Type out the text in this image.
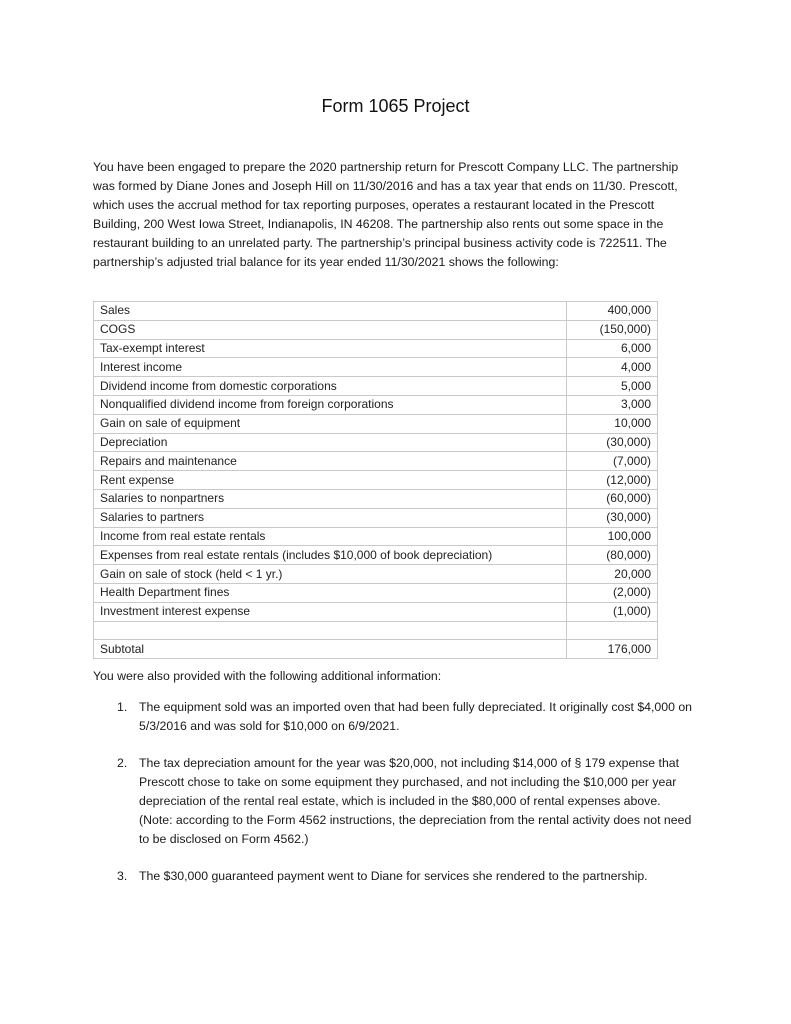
Form 1065 Project
You have been engaged to prepare the 2020 partnership return for Prescott Company LLC. The partnership was formed by Diane Jones and Joseph Hill on 11/30/2016 and has a tax year that ends on 11/30. Prescott, which uses the accrual method for tax reporting purposes, operates a restaurant located in the Prescott Building, 200 West Iowa Street, Indianapolis, IN 46208. The partnership also rents out some space in the restaurant building to an unrelated party. The partnership’s principal business activity code is 722511. The partnership’s adjusted trial balance for its year ended 11/30/2021 shows the following:
Sales	400,000
COGS	(150,000)
Tax-exempt interest	6,000
Interest income	4,000
Dividend income from domestic corporations	5,000
Nonqualified dividend income from foreign corporations	3,000
Gain on sale of equipment	10,000
Depreciation	(30,000)
Repairs and maintenance	(7,000)
Rent expense	(12,000)
Salaries to nonpartners	(60,000)
Salaries to partners	(30,000)
Income from real estate rentals	100,000
Expenses from real estate rentals (includes $10,000 of book depreciation)	(80,000)
Gain on sale of stock (held < 1 yr.)	20,000
Health Department fines	(2,000)
Investment interest expense	(1,000)

Subtotal	176,000
You were also provided with the following additional information:
1. The equipment sold was an imported oven that had been fully depreciated. It originally cost $4,000 on 5/3/2016 and was sold for $10,000 on 6/9/2021.
2. The tax depreciation amount for the year was $20,000, not including $14,000 of § 179 expense that Prescott chose to take on some equipment they purchased, and not including the $10,000 per year depreciation of the rental real estate, which is included in the $80,000 of rental expenses above. (Note: according to the Form 4562 instructions, the depreciation from the rental activity does not need to be disclosed on Form 4562.)
3. The $30,000 guaranteed payment went to Diane for services she rendered to the partnership.
